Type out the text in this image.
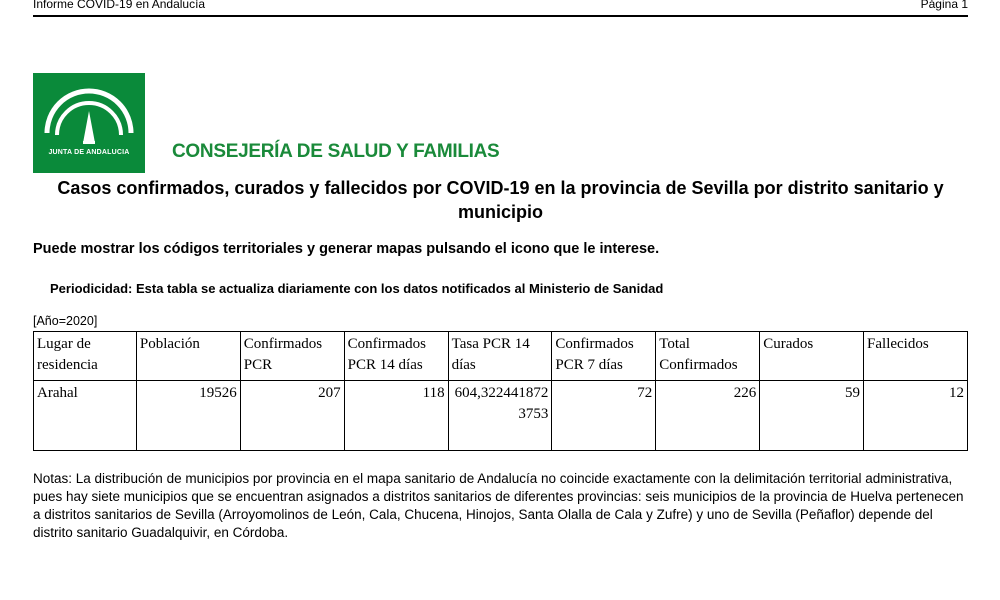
Informe COVID-19 en Andalucía	Página 1
JUNTA DE ANDALUCIA	CONSEJERÍA DE SALUD Y FAMILIAS
Casos confirmados, curados y fallecidos por COVID-19 en la provincia de Sevilla por distrito sanitario y municipio
Puede mostrar los códigos territoriales y generar mapas pulsando el icono que le interese.
Periodicidad: Esta tabla se actualiza diariamente con los datos notificados al Ministerio de Sanidad
[Año=2020]
Lugar de residencia	Población	Confirmados PCR	Confirmados PCR 14 días	Tasa PCR 14 días	Confirmados PCR 7 días	Total Confirmados	Curados	Fallecidos
Arahal	19526	207	118	604,3224418723753	72	226	59	12
Notas: La distribución de municipios por provincia en el mapa sanitario de Andalucía no coincide exactamente con la delimitación territorial administrativa, pues hay siete municipios que se encuentran asignados a distritos sanitarios de diferentes provincias: seis municipios de la provincia de Huelva pertenecen a distritos sanitarios de Sevilla (Arroyomolinos de León, Cala, Chucena, Hinojos, Santa Olalla de Cala y Zufre) y uno de Sevilla (Peñaflor) depende del distrito sanitario Guadalquivir, en Córdoba.
